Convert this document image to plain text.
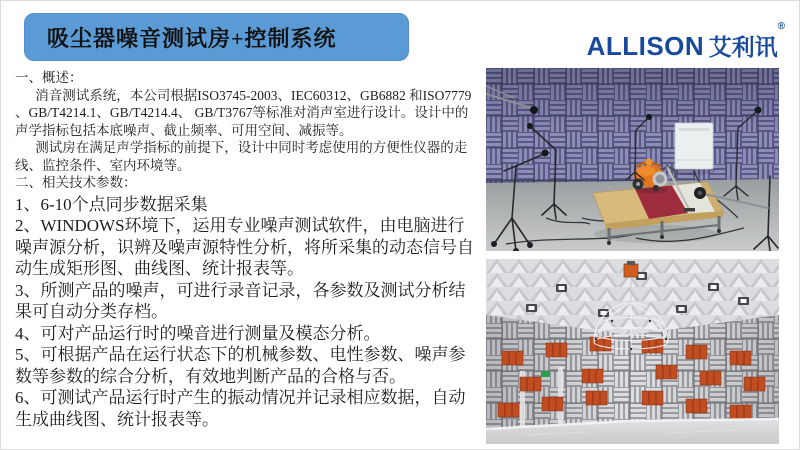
吸尘器噪音测试房+控制系统	ALLISON 艾利讯®

一、概述：

消音测试系统，本公司根据ISO3745-2003、IEC60312、GB6882 和ISO7779 、GB/T4214.1、GB/T4214.4、 GB/T3767等标准对消声室进行设计。设计中的声学指标包括本底噪声、截止频率、可用空间、减振等。

测试房在满足声学指标的前提下，设计中同时考虑使用的方便性仪器的走线、监控条件、室内环境等。

二、相关技术参数：

1、6-10个点同步数据采集

2、WINDOWS环境下，运用专业噪声测试软件，由电脑进行噪声源分析，识辨及噪声源特性分析，将所采集的动态信号自动生成矩形图、曲线图、统计报表等。

3、所测产品的噪声，可进行录音记录，各参数及测试分析结果可自动分类存档。

4、可对产品运行时的噪音进行测量及模态分析。

5、可根据产品在运行状态下的机械参数、电性参数、噪声参数等参数的综合分析，有效地判断产品的合格与否。

6、可测试产品运行时产生的振动情况并记录相应数据，自动生成曲线图、统计报表等。
